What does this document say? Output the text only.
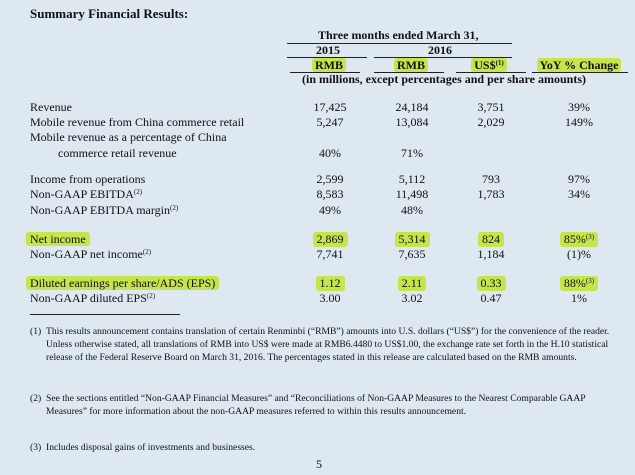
Summary Financial Results:
Three months ended March 31,
2015	2016
RMB	RMB	US\$$^{(1)}$	YoY % Change
(in millions, except percentages and per share amounts)
Revenue	17,425	24,184	3,751	39%
Mobile revenue from China commerce retail	5,247	13,084	2,029	149%
Mobile revenue as a percentage of China
commerce retail revenue	40%	71%
Income from operations	2,599	5,112	793	97%
Non-GAAP EBITDA$^{(2)}$	8,583	11,498	1,783	34%
Non-GAAP EBITDA margin$^{(2)}$	49%	48%
Net income	2,869	5,314	824	85%$^{(3)}$
Non-GAAP net income$^{(2)}$	7,741	7,635	1,184	(1)%
Diluted earnings per share/ADS (EPS)	1.12	2.11	0.33	88%$^{(3)}$
Non-GAAP diluted EPS$^{(2)}$	3.00	3.02	0.47	1%
(1) This results announcement contains translation of certain Renminbi (“RMB”) amounts into U.S. dollars (“US$”) for the convenience of the reader. Unless otherwise stated, all translations of RMB into US$ were made at RMB6.4480 to US$1.00, the exchange rate set forth in the H.10 statistical release of the Federal Reserve Board on March 31, 2016. The percentages stated in this release are calculated based on the RMB amounts.
(2) See the sections entitled “Non-GAAP Financial Measures” and “Reconciliations of Non-GAAP Measures to the Nearest Comparable GAAP Measures” for more information about the non-GAAP measures referred to within this results announcement.
(3) Includes disposal gains of investments and businesses.
5
